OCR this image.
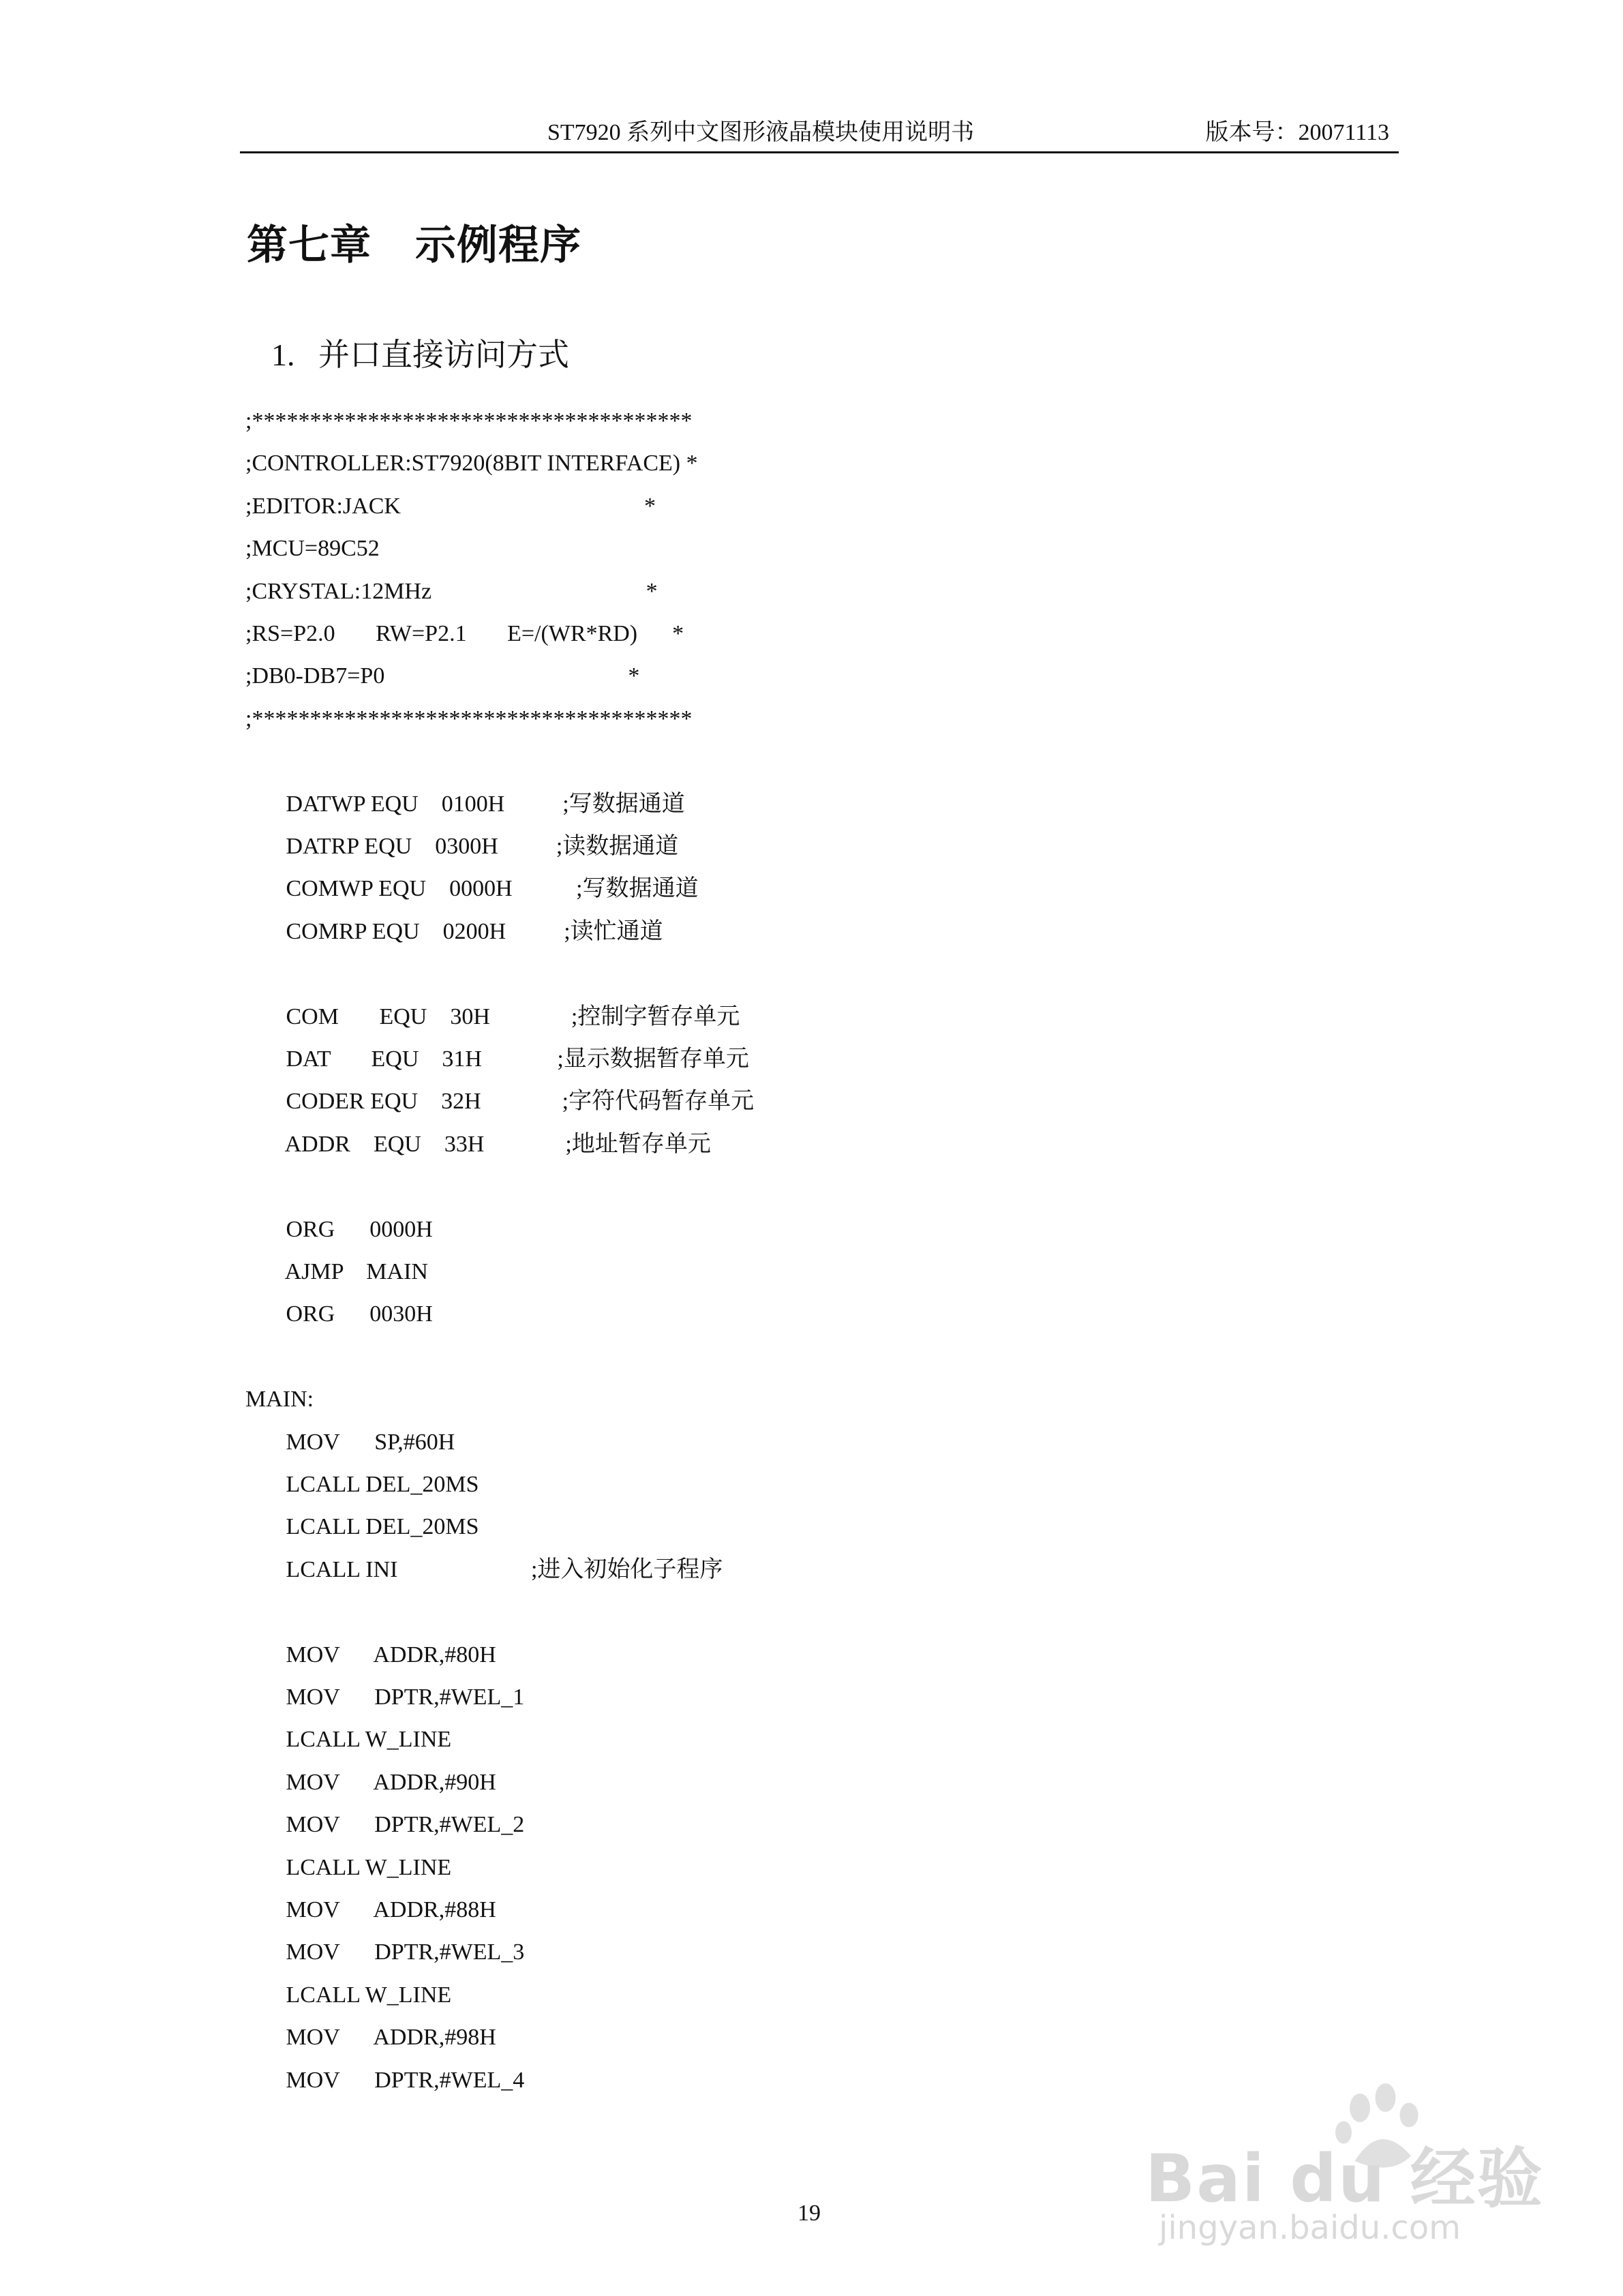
ST7920 系列中文图形液晶模块使用说明书	版本号：20071113
第七章    示例程序
1.   并口直接访问方式
;**************************************
;CONTROLLER:ST7920(8BIT INTERFACE) *
;EDITOR:JACK                                          *
;MCU=89C52
;CRYSTAL:12MHz                                     *
;RS=P2.0       RW=P2.1       E=/(WR*RD)      *
;DB0-DB7=P0                                          *
;**************************************
DATWP EQU    0100H          ;写数据通道
DATRP EQU    0300H          ;读数据通道
COMWP EQU    0000H           ;写数据通道
COMRP EQU    0200H          ;读忙通道
COM       EQU    30H              ;控制字暂存单元
DAT       EQU    31H             ;显示数据暂存单元
CODER EQU    32H              ;字符代码暂存单元
ADDR    EQU    33H              ;地址暂存单元
ORG      0000H
AJMP    MAIN
ORG      0030H
MAIN:
MOV      SP,#60H
LCALL DEL_20MS
LCALL DEL_20MS
LCALL INI                       ;进入初始化子程序
MOV      ADDR,#80H
MOV      DPTR,#WEL_1
LCALL W_LINE
MOV      ADDR,#90H
MOV      DPTR,#WEL_2
LCALL W_LINE
MOV      ADDR,#88H
MOV      DPTR,#WEL_3
LCALL W_LINE
MOV      ADDR,#98H
MOV      DPTR,#WEL_4
19	Bai du 经验
jingyan.baidu.com
